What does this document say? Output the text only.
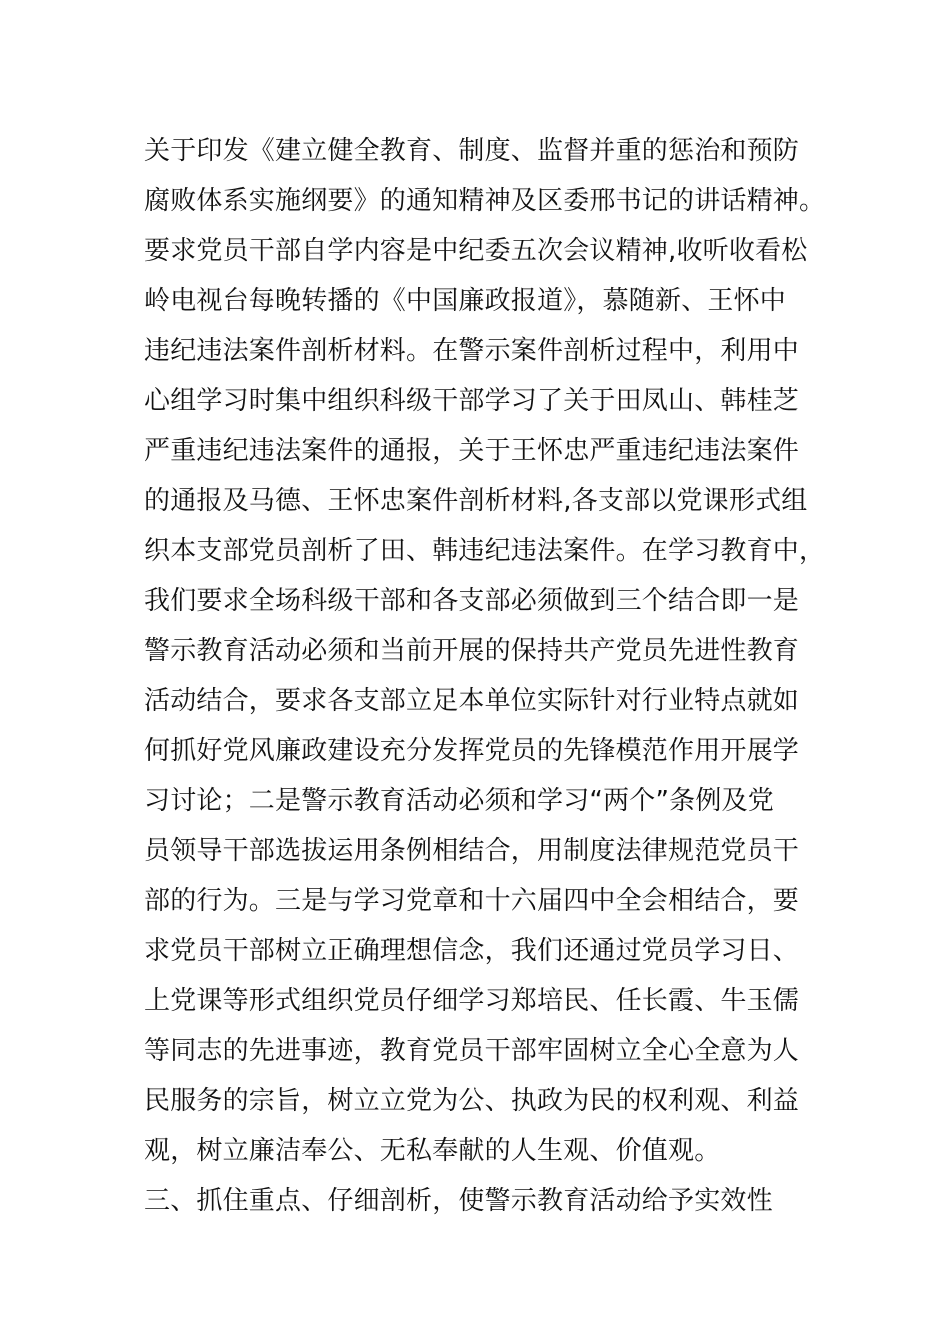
关于印发《建立健全教育、制度、监督并重的惩治和预防
腐败体系实施纲要》的通知精神及区委邢书记的讲话精神。
要求党员干部自学内容是中纪委五次会议精神,收听收看松
岭电视台每晚转播的《中国廉政报道》，慕随新、王怀中
违纪违法案件剖析材料。在警示案件剖析过程中，利用中
心组学习时集中组织科级干部学习了关于田凤山、韩桂芝
严重违纪违法案件的通报，关于王怀忠严重违纪违法案件
的通报及马德、王怀忠案件剖析材料,各支部以党课形式组
织本支部党员剖析了田、韩违纪违法案件。在学习教育中，
我们要求全场科级干部和各支部必须做到三个结合即一是
警示教育活动必须和当前开展的保持共产党员先进性教育
活动结合，要求各支部立足本单位实际针对行业特点就如
何抓好党风廉政建设充分发挥党员的先锋模范作用开展学
习讨论；二是警示教育活动必须和学习“两个”条例及党
员领导干部选拔运用条例相结合，用制度法律规范党员干
部的行为。三是与学习党章和十六届四中全会相结合，要
求党员干部树立正确理想信念，我们还通过党员学习日、
上党课等形式组织党员仔细学习郑培民、任长霞、牛玉儒
等同志的先进事迹，教育党员干部牢固树立全心全意为人
民服务的宗旨，树立立党为公、执政为民的权利观、利益
观，树立廉洁奉公、无私奉献的人生观、价值观。
三、抓住重点、仔细剖析，使警示教育活动给予实效性
